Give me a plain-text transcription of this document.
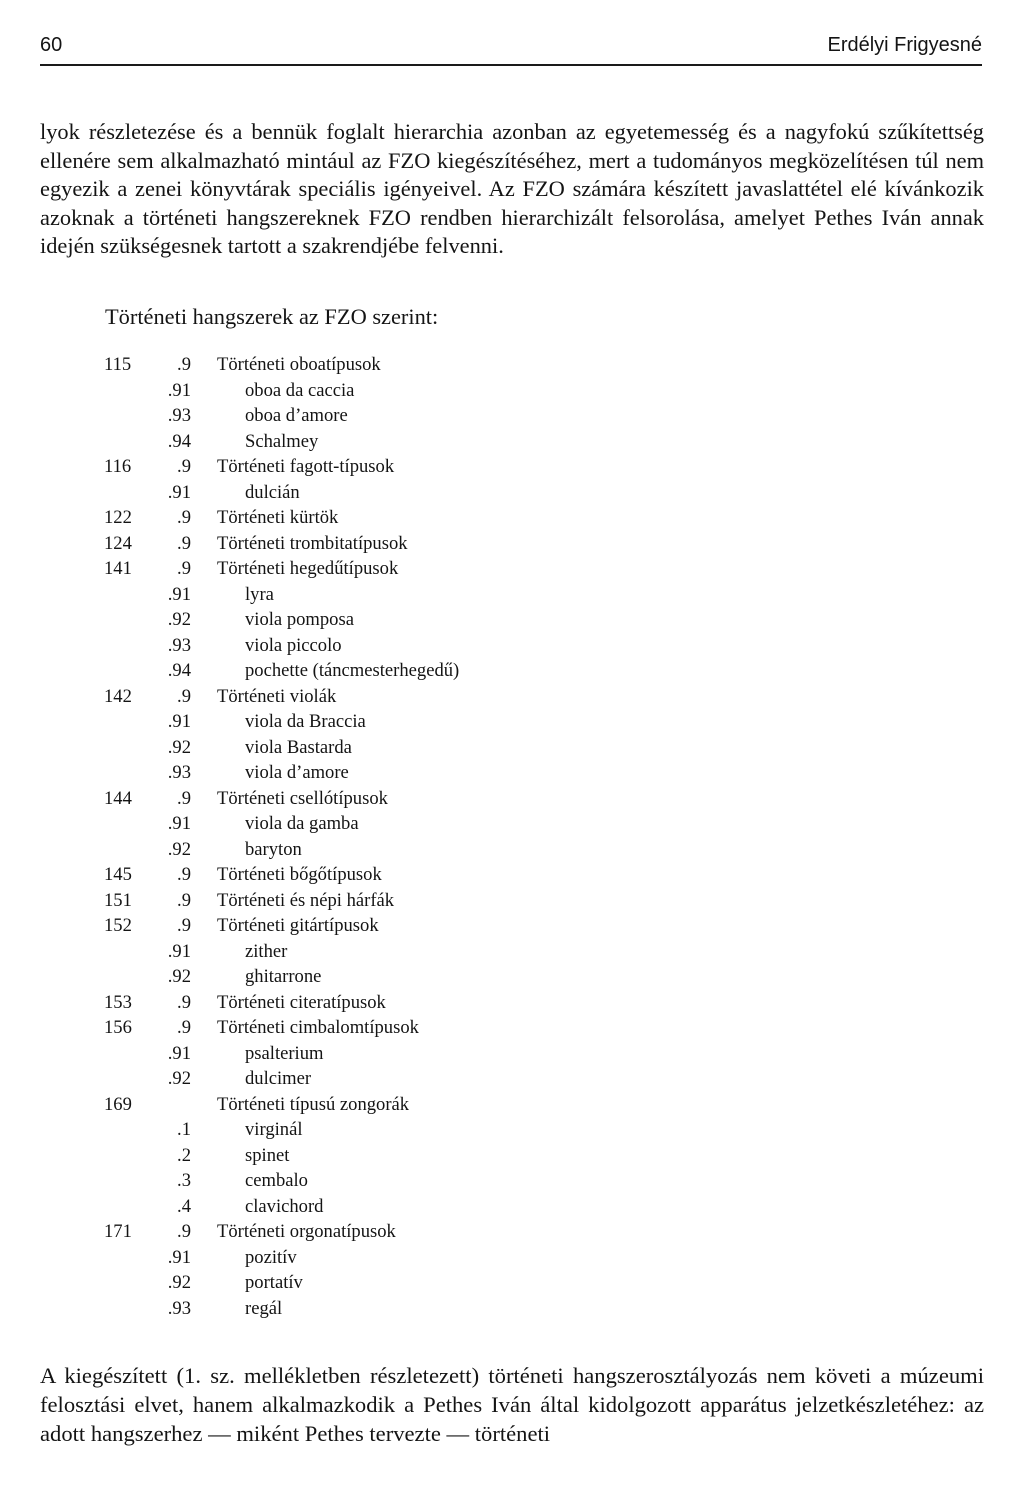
60	Erdélyi Frigyesné

lyok részletezése és a bennük foglalt hierarchia azonban az egyetemesség és a nagyfokú szűkítettség ellenére sem alkalmazható mintául az FZO kiegészítéséhez, mert a tudományos megközelítésen túl nem egyezik a zenei könyvtárak speciális igényeivel. Az FZO számára készített javaslattétel elé kívánkozik azoknak a történeti hangszereknek FZO rendben hierarchizált felsorolása, amelyet Pethes Iván annak idején szükségesnek tartott a szakrendjébe felvenni.

Történeti hangszerek az FZO szerint:

115 .9 Történeti oboatípusok
.91	oboa da caccia
.93	oboa d’amore
.94	Schalmey
116 .9 Történeti fagott-típusok
.91	dulcián
122 .9 Történeti kürtök
124 .9 Történeti trombitatípusok
141 .9 Történeti hegedűtípusok
.91	lyra
.92	viola pomposa
.93	viola piccolo
.94	pochette (táncmesterhegedű)
142 .9 Történeti violák
.91	viola da Braccia
.92	viola Bastarda
.93	viola d’amore
144 .9 Történeti csellótípusok
.91	viola da gamba
.92	baryton
145 .9 Történeti bőgőtípusok
151 .9 Történeti és népi hárfák
152 .9 Történeti gitártípusok
.91	zither
.92	ghitarrone
153 .9 Történeti citeratípusok
156 .9 Történeti cimbalomtípusok
.91	psalterium
.92	dulcimer
169	Történeti típusú zongorák
.1	virginál
.2	spinet
.3	cembalo
.4	clavichord
171 .9 Történeti orgonatípusok
.91	pozitív
.92	portatív
.93	regál

A kiegészített (1. sz. mellékletben részletezett) történeti hangszerosztályozás nem követi a múzeumi felosztási elvet, hanem alkalmazkodik a Pethes Iván által kidolgozott apparátus jelzetkészletéhez: az adott hangszerhez — miként Pethes tervezte — történeti
